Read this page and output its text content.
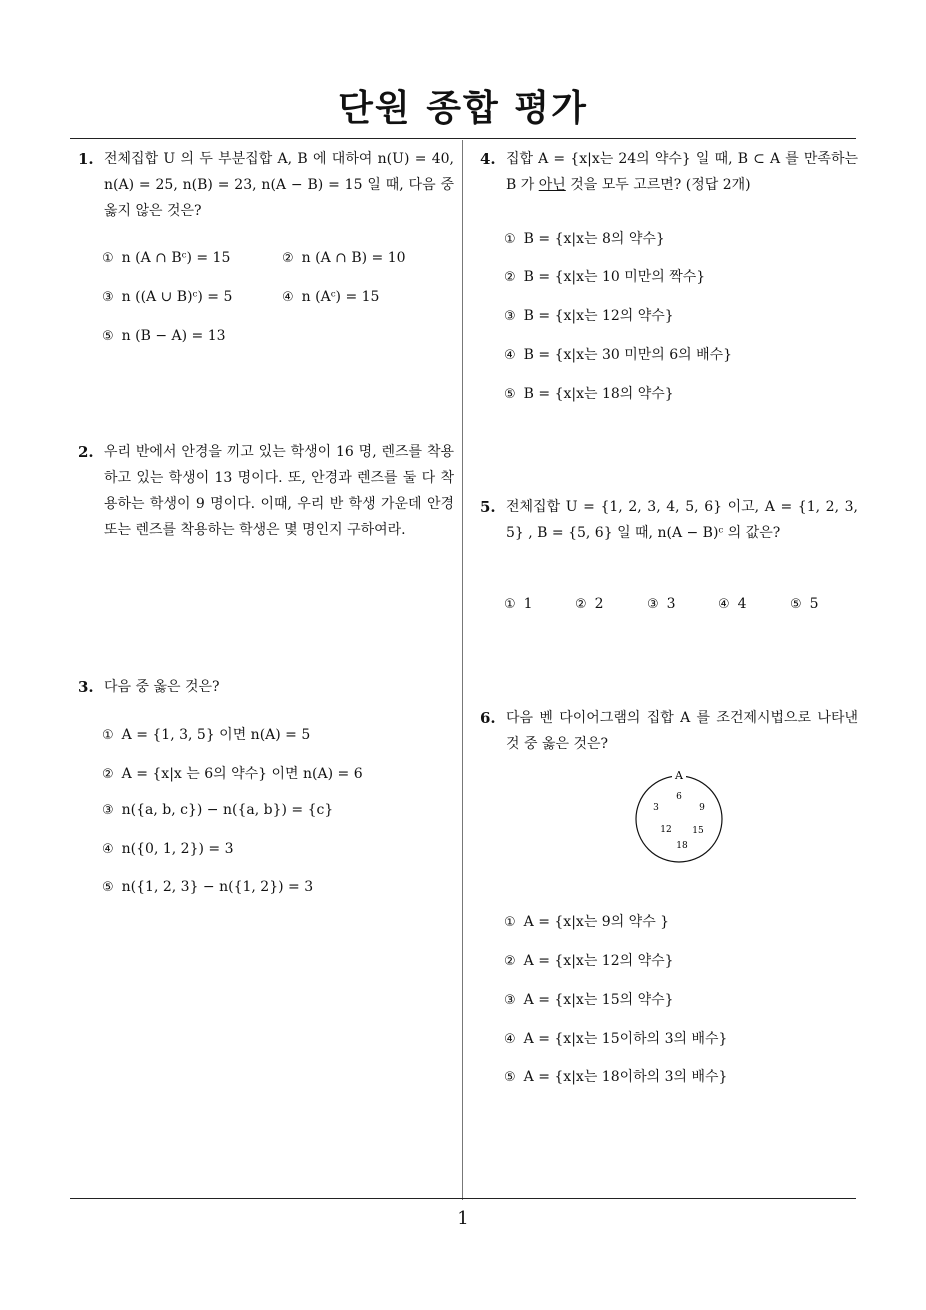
단원 종합 평가
1
1. 전체집합 U 의 두 부분집합 A, B 에 대하여 n(U) = 40, n(A) = 25, n(B) = 23, n(A − B) = 15 일 때, 다음 중 옳지 않은 것은?
① n (A ∩ Bᶜ) = 15	② n (A ∩ B) = 10
③ n ((A ∪ B)ᶜ) = 5	④ n (Aᶜ) = 15
⑤ n (B − A) = 13
2. 우리 반에서 안경을 끼고 있는 학생이 16 명, 렌즈를 착용하고 있는 학생이 13 명이다. 또, 안경과 렌즈를 둘 다 착용하는 학생이 9 명이다. 이때, 우리 반 학생 가운데 안경 또는 렌즈를 착용하는 학생은 몇 명인지 구하여라.
3. 다음 중 옳은 것은?
① A = {1, 3, 5} 이면 n(A) = 5
② A = {x|x 는 6의 약수} 이면 n(A) = 6
③ n({a, b, c}) − n({a, b}) = {c}
④ n({0, 1, 2}) = 3
⑤ n({1, 2, 3} − n({1, 2}) = 3
4. 집합 A = {x|x는 24의 약수} 일 때, B ⊂ A 를 만족하는 B 가 아닌 것을 모두 고르면? (정답 2개)
① B = {x|x는 8의 약수}
② B = {x|x는 10 미만의 짝수}
③ B = {x|x는 12의 약수}
④ B = {x|x는 30 미만의 6의 배수}
⑤ B = {x|x는 18의 약수}
5. 전체집합 U = {1, 2, 3, 4, 5, 6} 이고, A = {1, 2, 3, 5} , B = {5, 6} 일 때, n(A − B)ᶜ 의 값은?
① 1	② 2	③ 3	④ 4	⑤ 5
6. 다음 벤 다이어그램의 집합 A 를 조건제시법으로 나타낸 것 중 옳은 것은?
A
6
3	9
12 15
18
① A = {x|x는 9의 약수 }
② A = {x|x는 12의 약수}
③ A = {x|x는 15의 약수}
④ A = {x|x는 15이하의 3의 배수}
⑤ A = {x|x는 18이하의 3의 배수}
